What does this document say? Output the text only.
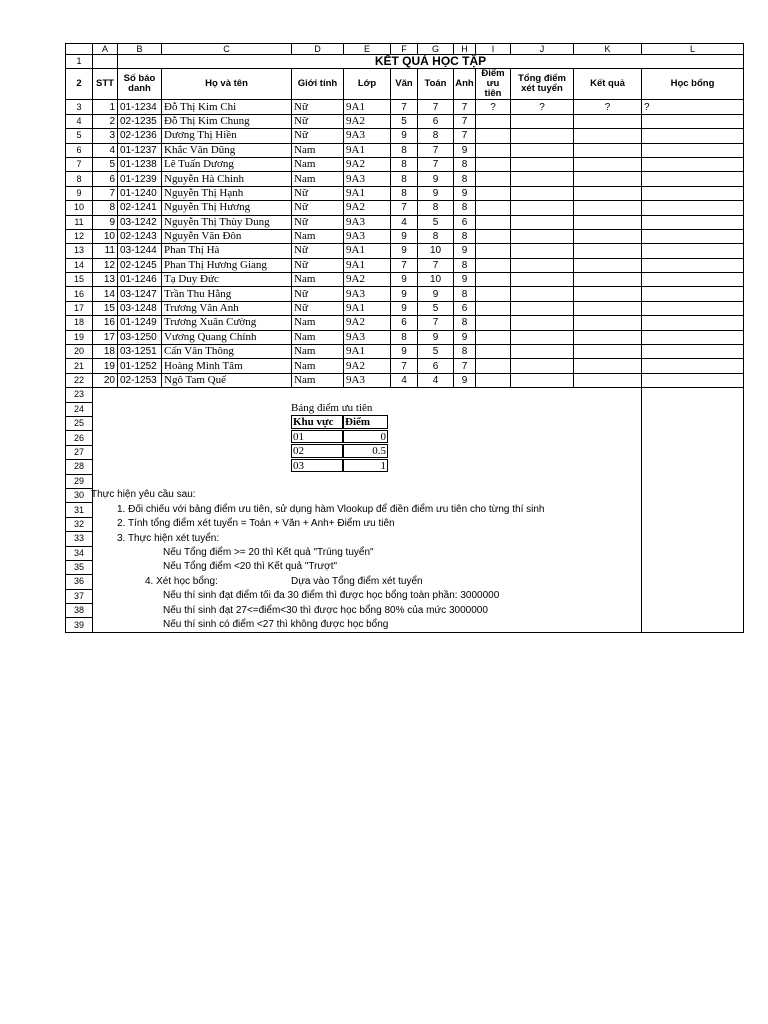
	A	B	C	D	E	F	G	H	I	J	K	L
1		KẾT QUẢ HỌC TẬP										
2	STT	Số báo danh	Họ và tên	Giới tính	Lớp	Văn	Toán	Anh	Điểm ưu tiên	Tổng điểm xét tuyển	Kết quả	Học bổng
3	1	01-1234	Đỗ Thị Kim Chi	Nữ	9A1	7	7	7	?	?	?	?
4	2	02-1235	Đỗ Thị Kim Chung	Nữ	9A2	5	6	7				
5	3	02-1236	Dương Thị Hiền	Nữ	9A3	9	8	7				
6	4	01-1237	Khắc Văn Dũng	Nam	9A1	8	7	9				
7	5	01-1238	Lê Tuấn Dương	Nam	9A2	8	7	8				
8	6	01-1239	Nguyễn Hà Chinh	Nam	9A3	8	9	8				
9	7	01-1240	Nguyễn Thị Hạnh	Nữ	9A1	8	9	9				
10	8	02-1241	Nguyễn Thị Hương	Nữ	9A2	7	8	8				
11	9	03-1242	Nguyễn Thị Thùy Dung	Nữ	9A3	4	5	6				
12	10	02-1243	Nguyễn Văn Đôn	Nam	9A3	9	8	8				
13	11	03-1244	Phan Thị Hà	Nữ	9A1	9	10	9				
14	12	02-1245	Phan Thị Hương Giang	Nữ	9A1	7	7	8				
15	13	01-1246	Tạ Duy Đức	Nam	9A2	9	10	9				
16	14	03-1247	Trần Thu Hằng	Nữ	9A3	9	9	8				
17	15	03-1248	Trương Vân Anh	Nữ	9A1	9	5	6				
18	16	01-1249	Trương Xuân Cường	Nam	9A2	6	7	8				
19	17	03-1250	Vương Quang Chính	Nam	9A3	8	9	9				
20	18	03-1251	Cấn Văn Thông	Nam	9A1	9	5	8				
21	19	01-1252	Hoàng Minh Tâm	Nam	9A2	7	6	7				
22	20	02-1253	Ngô Tam Quế	Nam	9A3	4	4	9				
23												
24	Bảng điểm ưu tiên											

25	Khu vực Điểm											

26	01 0											

27	02 0.5											

28	03 1											

29												
30	Thực hiện yêu cầu sau:											

31	1. Đối chiếu với bảng điểm ưu tiên, sử dụng hàm Vlookup để điền điểm ưu tiên cho từng thí sinh											

32	2. Tính tổng điểm xét tuyển = Toán + Văn + Anh+ Điểm ưu tiên											

33	3. Thực hiện xét tuyển:											

34	Nếu Tổng điểm >= 20 thì Kết quả "Trúng tuyển"											

35	Nếu Tổng điểm <20 thì Kết quả "Trượt"											

36	4. Xét học bổng: Dựa vào Tổng điểm xét tuyển											

37	Nếu thí sinh đạt điểm tối đa 30 điểm thì được học bổng toàn phần: 3000000											

38	Nếu thí sinh đạt 27<=điểm<30 thì được học bổng 80% của mức 3000000											

39	Nếu thí sinh có điểm <27 thì không được học bổng											
